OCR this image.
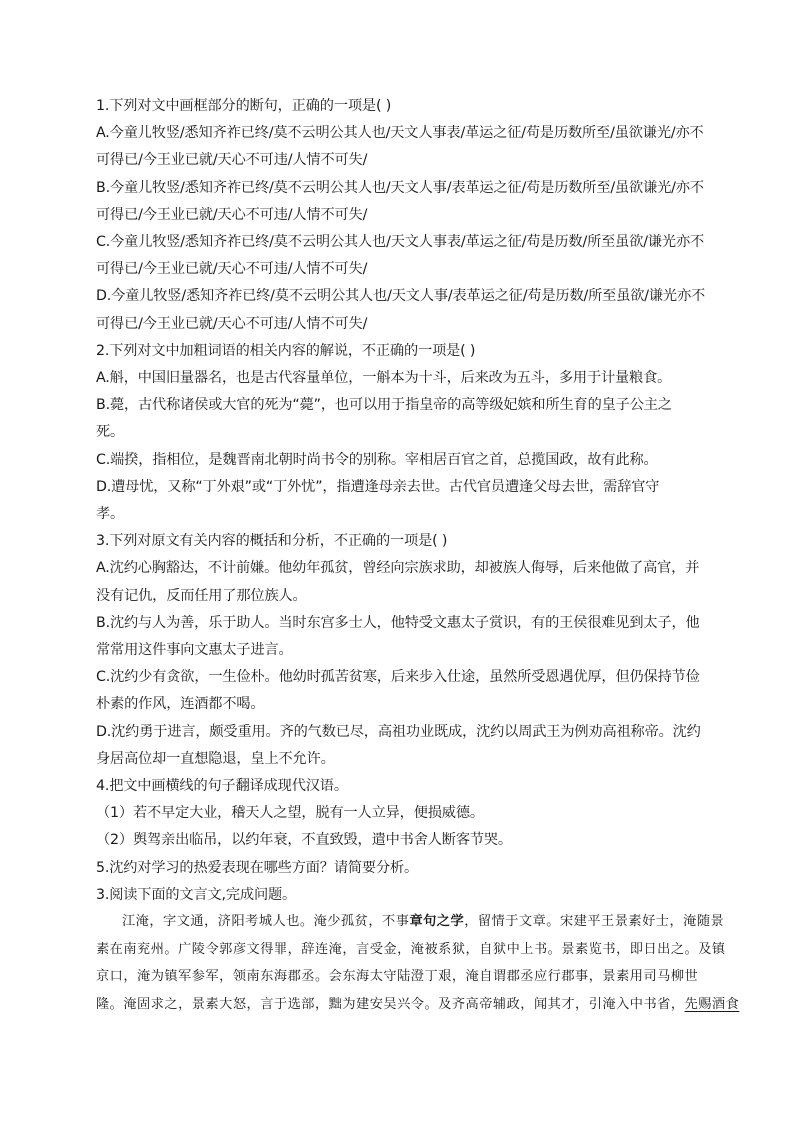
1.下列对文中画框部分的断句，正确的一项是( )
A.今童儿牧竖/悉知齐祚已终/莫不云明公其人也/天文人事表/革运之征/苟是历数所至/虽欲谦光/亦不
可得已/今王业已就/天心不可违/人情不可失/
B.今童儿牧竖/悉知齐祚已终/莫不云明公其人也/天文人事/表革运之征/苟是历数所至/虽欲谦光/亦不
可得已/今王业已就/天心不可违/人情不可失/
C.今童儿牧竖/悉知齐祚已终/莫不云明公其人也/天文人事表/革运之征/苟是历数/所至虽欲/谦光亦不
可得已/今王业已就/天心不可违/人情不可失/
D.今童儿牧竖/悉知齐祚已终/莫不云明公其人也/天文人事/表革运之征/苟是历数/所至虽欲/谦光亦不
可得已/今王业已就/天心不可违/人情不可失/
2.下列对文中加粗词语的相关内容的解说，不正确的一项是( )
A.斛，中国旧量器名，也是古代容量单位，一斛本为十斗，后来改为五斗，多用于计量粮食。
B.薨，古代称诸侯或大官的死为“薨”，也可以用于指皇帝的高等级妃嫔和所生育的皇子公主之
死。
C.端揆，指相位，是魏晋南北朝时尚书令的别称。宰相居百官之首，总揽国政，故有此称。
D.遭母忧，又称“丁外艰”或“丁外忧”，指遭逢母亲去世。古代官员遭逢父母去世，需辞官守
孝。
3.下列对原文有关内容的概括和分析，不正确的一项是( )
A.沈约心胸豁达，不计前嫌。他幼年孤贫，曾经向宗族求助，却被族人侮辱，后来他做了高官，并
没有记仇，反而任用了那位族人。
B.沈约与人为善，乐于助人。当时东宫多士人，他特受文惠太子赏识，有的王侯很难见到太子，他
常常用这件事向文惠太子进言。
C.沈约少有贪欲，一生俭朴。他幼时孤苦贫寒，后来步入仕途，虽然所受恩遇优厚，但仍保持节俭
朴素的作风，连酒都不喝。
D.沈约勇于进言，颇受重用。齐的气数已尽，高祖功业既成，沈约以周武王为例劝高祖称帝。沈约
身居高位却一直想隐退，皇上不允许。
4.把文中画横线的句子翻译成现代汉语。
（1）若不早定大业，稽天人之望，脱有一人立异，便损威德。
（2）舆驾亲出临吊，以约年衰，不直致毁，遣中书舍人断客节哭。
5.沈约对学习的热爱表现在哪些方面？请简要分析。
3.阅读下面的文言文,完成问题。
江淹，字文通，济阳考城人也。淹少孤贫，不事章句之学，留情于文章。宋建平王景素好士，淹随景
素在南兖州。广陵令郭彦文得罪，辞连淹，言受金，淹被系狱，自狱中上书。景素览书，即日出之。及镇
京口，淹为镇军参军，领南东海郡丞。会东海太守陆澄丁艰，淹自谓郡丞应行郡事，景素用司马柳世
隆。淹固求之，景素大怒，言于选部，黜为建安吴兴令。及齐高帝辅政，闻其才，引淹入中书省，先赐酒食
